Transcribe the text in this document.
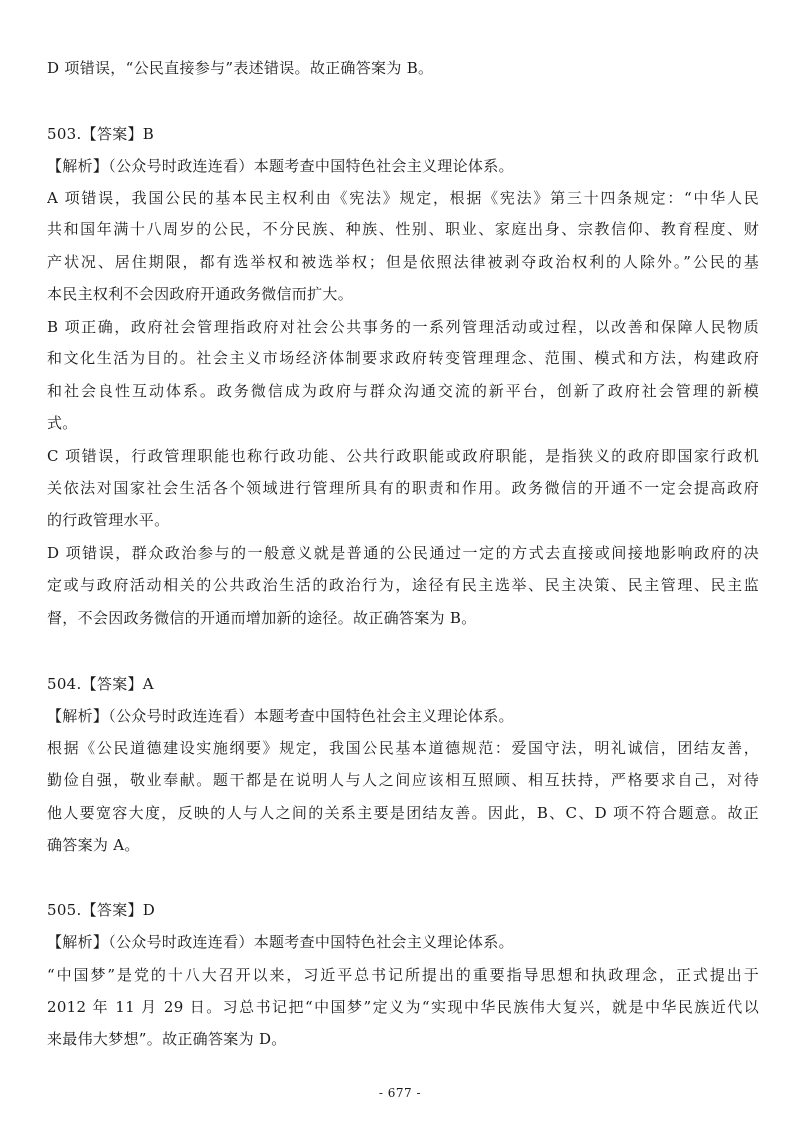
D 项错误，“公民直接参与”表述错误。故正确答案为 B。
503.【答案】B
【解析】（公众号时政连连看）本题考查中国特色社会主义理论体系。
A 项错误，我国公民的基本民主权利由《宪法》规定，根据《宪法》第三十四条规定：“中华人民
共和国年满十八周岁的公民，不分民族、种族、性别、职业、家庭出身、宗教信仰、教育程度、财
产状况、居住期限，都有选举权和被选举权；但是依照法律被剥夺政治权利的人除外。”公民的基
本民主权利不会因政府开通政务微信而扩大。
B 项正确，政府社会管理指政府对社会公共事务的一系列管理活动或过程，以改善和保障人民物质
和文化生活为目的。社会主义市场经济体制要求政府转变管理理念、范围、模式和方法，构建政府
和社会良性互动体系。政务微信成为政府与群众沟通交流的新平台，创新了政府社会管理的新模
式。
C 项错误，行政管理职能也称行政功能、公共行政职能或政府职能，是指狭义的政府即国家行政机
关依法对国家社会生活各个领域进行管理所具有的职责和作用。政务微信的开通不一定会提高政府
的行政管理水平。
D 项错误，群众政治参与的一般意义就是普通的公民通过一定的方式去直接或间接地影响政府的决
定或与政府活动相关的公共政治生活的政治行为，途径有民主选举、民主决策、民主管理、民主监
督，不会因政务微信的开通而增加新的途径。故正确答案为 B。
504.【答案】A
【解析】（公众号时政连连看）本题考查中国特色社会主义理论体系。
根据《公民道德建设实施纲要》规定，我国公民基本道德规范：爱国守法，明礼诚信，团结友善，
勤俭自强，敬业奉献。题干都是在说明人与人之间应该相互照顾、相互扶持，严格要求自己，对待
他人要宽容大度，反映的人与人之间的关系主要是团结友善。因此，B、C、D 项不符合题意。故正
确答案为 A。
505.【答案】D
【解析】（公众号时政连连看）本题考查中国特色社会主义理论体系。
“中国梦”是党的十八大召开以来，习近平总书记所提出的重要指导思想和执政理念，正式提出于
2012 年 11 月 29 日。习总书记把“中国梦”定义为“实现中华民族伟大复兴，就是中华民族近代以
来最伟大梦想”。故正确答案为 D。
- 677 -
